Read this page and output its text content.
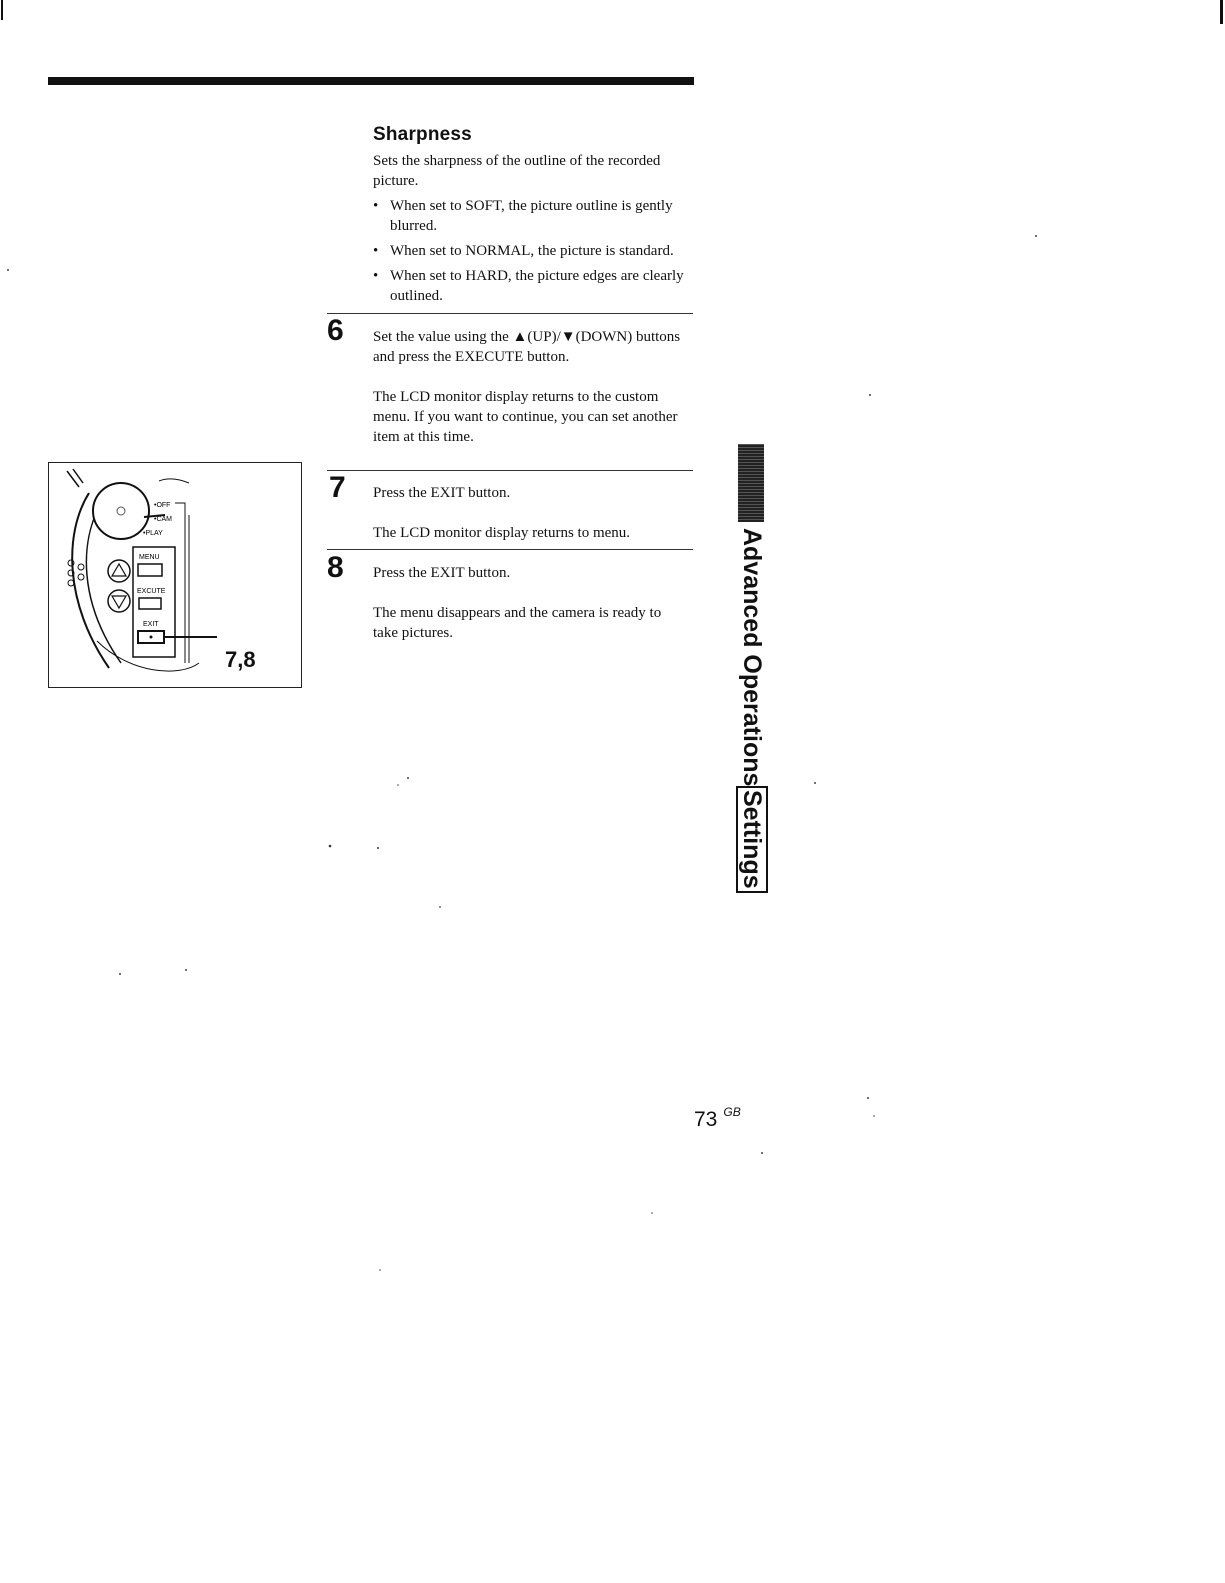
Sharpness
Sets the sharpness of the outline of the recorded picture.
• When set to SOFT, the picture outline is gently blurred.
• When set to NORMAL, the picture is standard.
• When set to HARD, the picture edges are clearly outlined.
6 Set the value using the ▲(UP)/▼(DOWN) buttons and press the EXECUTE button.
The LCD monitor display returns to the custom menu. If you want to continue, you can set another item at this time.
7 Press the EXIT button.
The LCD monitor display returns to menu.
8 Press the EXIT button.
The menu disappears and the camera is ready to take pictures.
•OFF
•CAM
•PLAY
MENU
EXCUTE
EXIT
7,8	Advanced OperationsSettings
73 $^{GB}$
